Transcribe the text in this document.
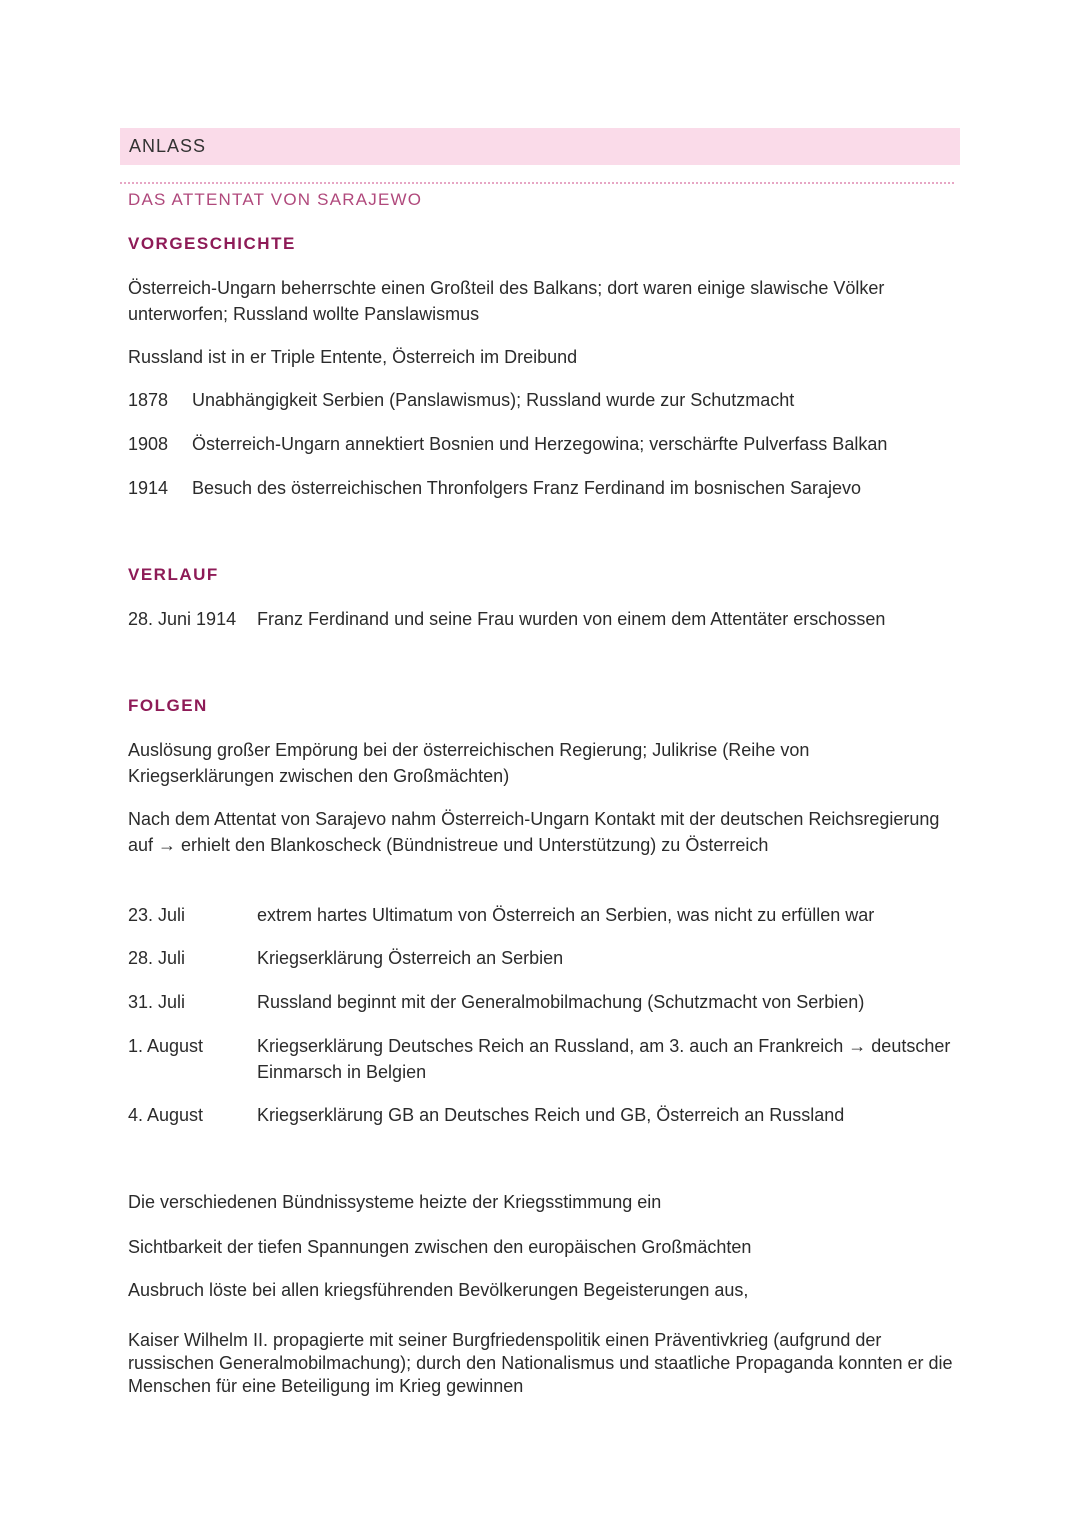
ANLASS
DAS ATTENTAT VON SARAJEWO
VORGESCHICHTE
Österreich-Ungarn beherrschte einen Großteil des Balkans; dort waren einige slawische Völker unterworfen; Russland wollte Panslawismus
Russland ist in er Triple Entente, Österreich im Dreibund
1878 Unabhängigkeit Serbien (Panslawismus); Russland wurde zur Schutzmacht
1908 Österreich-Ungarn annektiert Bosnien und Herzegowina; verschärfte Pulverfass Balkan
1914 Besuch des österreichischen Thronfolgers Franz Ferdinand im bosnischen Sarajevo
VERLAUF
28. Juni 1914 Franz Ferdinand und seine Frau wurden von einem dem Attentäter erschossen
FOLGEN
Auslösung großer Empörung bei der österreichischen Regierung; Julikrise (Reihe von Kriegserklärungen zwischen den Großmächten)
Nach dem Attentat von Sarajevo nahm Österreich-Ungarn Kontakt mit der deutschen Reichsregierung auf → erhielt den Blankoscheck (Bündnistreue und Unterstützung) zu Österreich
23. Juli	extrem hartes Ultimatum von Österreich an Serbien, was nicht zu erfüllen war
28. Juli	Kriegserklärung Österreich an Serbien
31. Juli	Russland beginnt mit der Generalmobilmachung (Schutzmacht von Serbien)
1. August	Kriegserklärung Deutsches Reich an Russland, am 3. auch an Frankreich → deutscher Einmarsch in Belgien
4. August	Kriegserklärung GB an Deutsches Reich und GB, Österreich an Russland
Die verschiedenen Bündnissysteme heizte der Kriegsstimmung ein
Sichtbarkeit der tiefen Spannungen zwischen den europäischen Großmächten
Ausbruch löste bei allen kriegsführenden Bevölkerungen Begeisterungen aus,
Kaiser Wilhelm II. propagierte mit seiner Burgfriedenspolitik einen Präventivkrieg (aufgrund der russischen Generalmobilmachung); durch den Nationalismus und staatliche Propaganda konnten er die Menschen für eine Beteiligung im Krieg gewinnen
